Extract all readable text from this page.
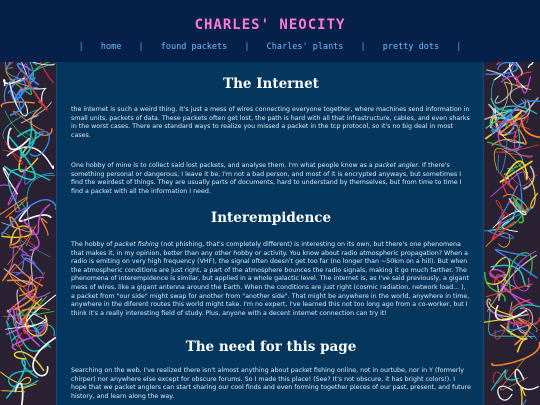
CHARLES' NEOCITY
| home | found packets | Charles' plants | pretty dots |
The Internet

the internet is such a weird thing. It's just a mess of wires connecting everyone together, where machines send information in small units, packets of data. These packets often get lost, the path is hard with all that infrastructure, cables, and even sharks in the worst cases. There are standard ways to realize you missed a packet in the tcp protocol, so it's no big deal in most cases.

One hobby of mine is to collect said lost packets, and analyse them. I'm what people know as a packet angler. If there's something personal or dangerous, I leave it be, I'm not a bad person, and most of it is encrypted anyways, but sometimes I find the weirdest of things. They are usually parts of documents, hard to understand by themselves, but from time to time I find a packet with all the information I need.

Interempidence

The hobby of packet fishing (not phishing, that's completely different) is interesting on its own, but there's one phenomena that makes it, in my opinion, better than any other hobby or activity. You know about radio atmospheric propagation? When a radio is emiting on very high frequency (VHF), the signal often doesn't get too far (no longer than ~50km on a hill). But when the atmospheric conditions are just right, a part of the atmosphere bounces the radio signals, making it go much farther. The phenomena of interempidence is similar, but applied in a whole galactic level. The internet is, as I've said previously, a gigant mess of wires, like a gigant antenna around the Earth. When the conditions are just right (cosmic radiation, network load... ), a packet from "our side" might swap for another from "another side". That might be anywhere in the world, anywhere in time, anywhere in the diferent routes this world might take. I'm no expert, I've learned this not too long ago from a co-worker, but I think it's a really interesting field of study. Plus, anyone with a decent internet connection can try it!

The need for this page

Searching on the web, I've realized there isn't almost anything about packet fishing online, not in ourtube, nor in Y (formerly chirper) nor anywhere else except for obscure forums. So I made this place! (See? It's not obscure, it has bright colors!). I hope that we packet anglers can start sharing our cool finds and even forming together pieces of our past, present, and future history, and learn along the way.
